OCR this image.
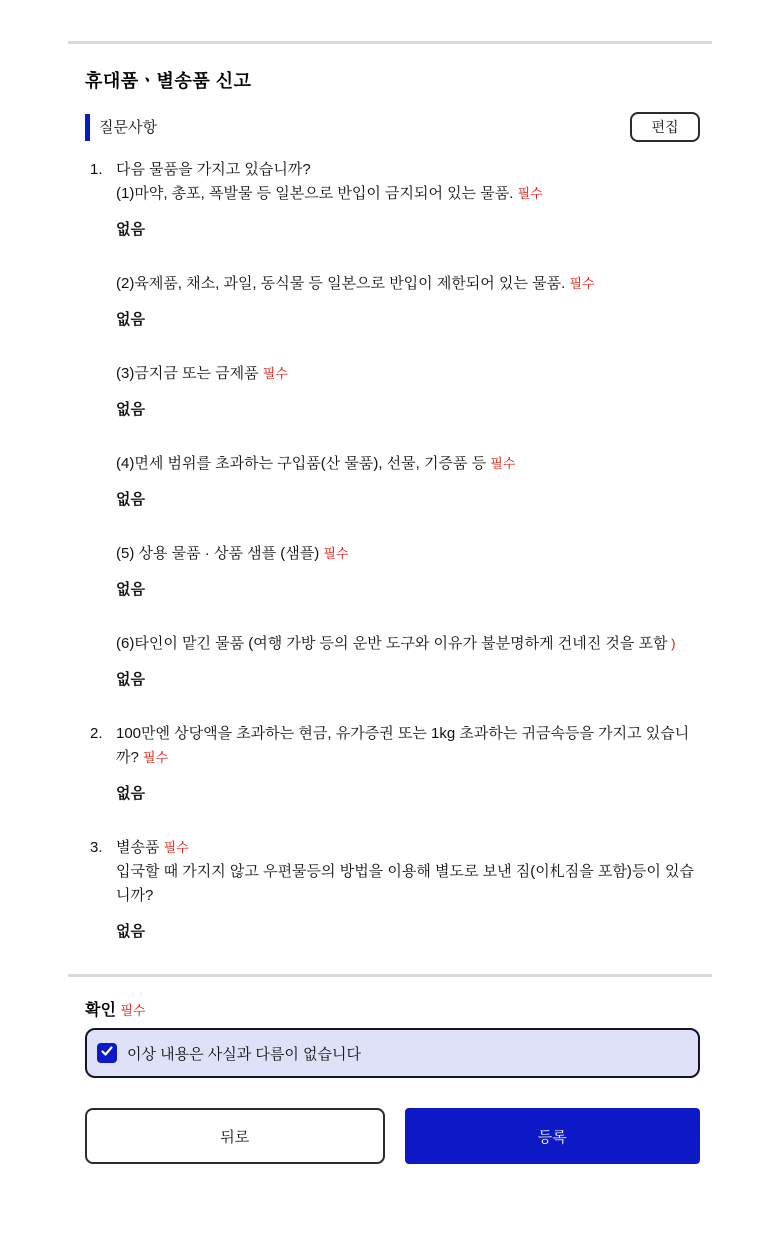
휴대품ㆍ별송품 신고
질문사항	편집
1. 다음 물품을 가지고 있습니까?
(1)마약, 총포, 폭발물 등 일본으로 반입이 금지되어 있는 물품. 필수
없음
(2)육제품, 채소, 과일, 동식물 등 일본으로 반입이 제한되어 있는 물품. 필수
없음
(3)금지금 또는 금제품 필수
없음
(4)면세 범위를 초과하는 구입품(산 물품), 선물, 기증품 등 필수
없음
(5) 상용 물품 · 상품 샘플 (샘플) 필수
없음
(6)타인이 맡긴 물품 (여행 가방 등의 운반 도구와 이유가 불분명하게 건네진 것을 포함 )
없음
2. 100만엔 상당액을 초과하는 현금, 유가증권 또는 1kg 초과하는 귀금속등을 가지고 있습니까? 필수
없음
3. 별송품 필수
입국할 때 가지지 않고 우편물등의 방법을 이용해 별도로 보낸 짐(이札짐을 포함)등이 있습니까?
없음
확인 필수
이상 내용은 사실과 다름이 없습니다
뒤로	등록
